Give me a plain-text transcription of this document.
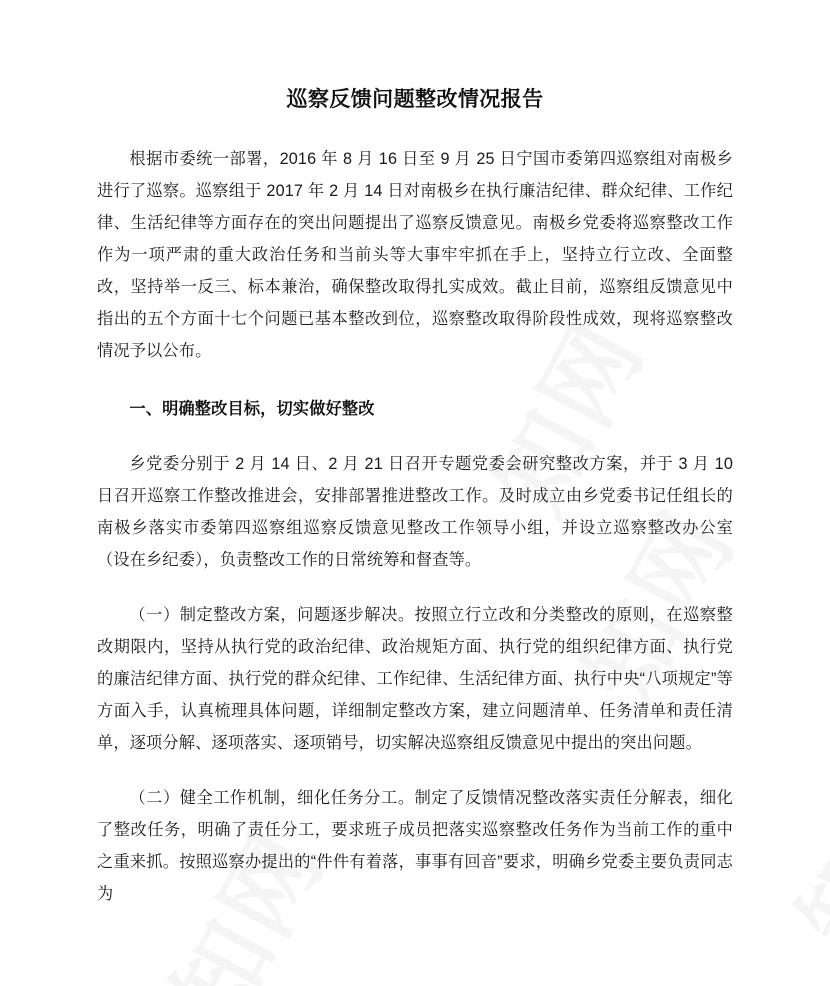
巡察反馈问题整改情况报告

根据市委统一部署，2016 年 8 月 16 日至 9 月 25 日宁国市委第四巡察组对南极乡进行了巡察。巡察组于 2017 年 2 月 14 日对南极乡在执行廉洁纪律、群众纪律、工作纪律、生活纪律等方面存在的突出问题提出了巡察反馈意见。南极乡党委将巡察整改工作作为一项严肃的重大政治任务和当前头等大事牢牢抓在手上，坚持立行立改、全面整改，坚持举一反三、标本兼治，确保整改取得扎实成效。截止目前，巡察组反馈意见中指出的五个方面十七个问题已基本整改到位，巡察整改取得阶段性成效，现将巡察整改情况予以公布。

一、明确整改目标，切实做好整改

乡党委分别于 2 月 14 日、2 月 21 日召开专题党委会研究整改方案，并于 3 月 10 日召开巡察工作整改推进会，安排部署推进整改工作。及时成立由乡党委书记任组长的南极乡落实市委第四巡察组巡察反馈意见整改工作领导小组，并设立巡察整改办公室（设在乡纪委），负责整改工作的日常统筹和督查等。

（一）制定整改方案，问题逐步解决。按照立行立改和分类整改的原则，在巡察整改期限内，坚持从执行党的政治纪律、政治规矩方面、执行党的组织纪律方面、执行党的廉洁纪律方面、执行党的群众纪律、工作纪律、生活纪律方面、执行中央“八项规定”等方面入手，认真梳理具体问题，详细制定整改方案，建立问题清单、任务清单和责任清单，逐项分解、逐项落实、逐项销号，切实解决巡察组反馈意见中提出的突出问题。

（二）健全工作机制，细化任务分工。制定了反馈情况整改落实责任分解表，细化了整改任务，明确了责任分工，要求班子成员把落实巡察整改任务作为当前工作的重中之重来抓。按照巡察办提出的“件件有着落，事事有回音”要求，明确乡党委主要负责同志为
